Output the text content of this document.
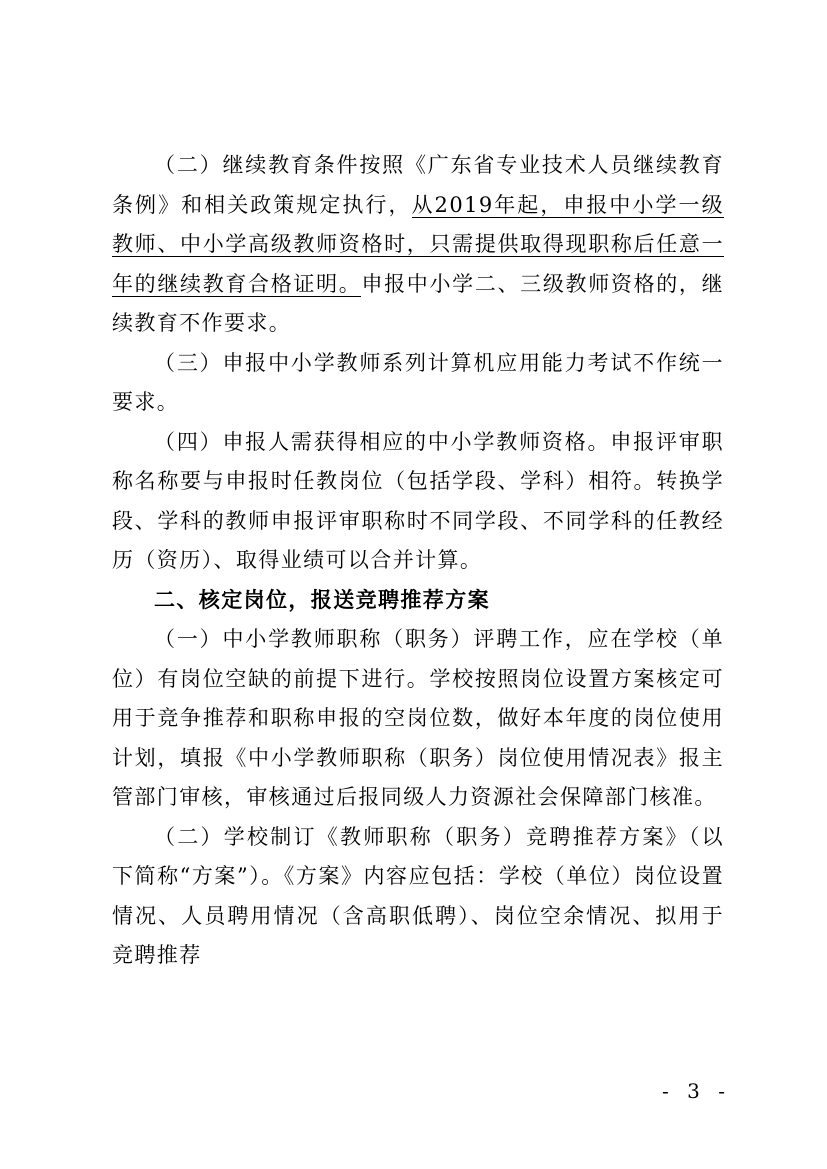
（二）继续教育条件按照《广东省专业技术人员继续教育条例》和相关政策规定执行，从2019年起，申报中小学一级教师、中小学高级教师资格时，只需提供取得现职称后任意一年的继续教育合格证明。申报中小学二、三级教师资格的，继续教育不作要求。

（三）申报中小学教师系列计算机应用能力考试不作统一要求。

（四）申报人需获得相应的中小学教师资格。申报评审职称名称要与申报时任教岗位（包括学段、学科）相符。转换学段、学科的教师申报评审职称时不同学段、不同学科的任教经历（资历）、取得业绩可以合并计算。

二、核定岗位，报送竞聘推荐方案

（一）中小学教师职称（职务）评聘工作，应在学校（单位）有岗位空缺的前提下进行。学校按照岗位设置方案核定可用于竞争推荐和职称申报的空岗位数，做好本年度的岗位使用计划，填报《中小学教师职称（职务）岗位使用情况表》报主管部门审核，审核通过后报同级人力资源社会保障部门核准。

（二）学校制订《教师职称（职务）竞聘推荐方案》（以下简称“方案”）。《方案》内容应包括：学校（单位）岗位设置情况、人员聘用情况（含高职低聘）、岗位空余情况、拟用于竞聘推荐

- 3 -
